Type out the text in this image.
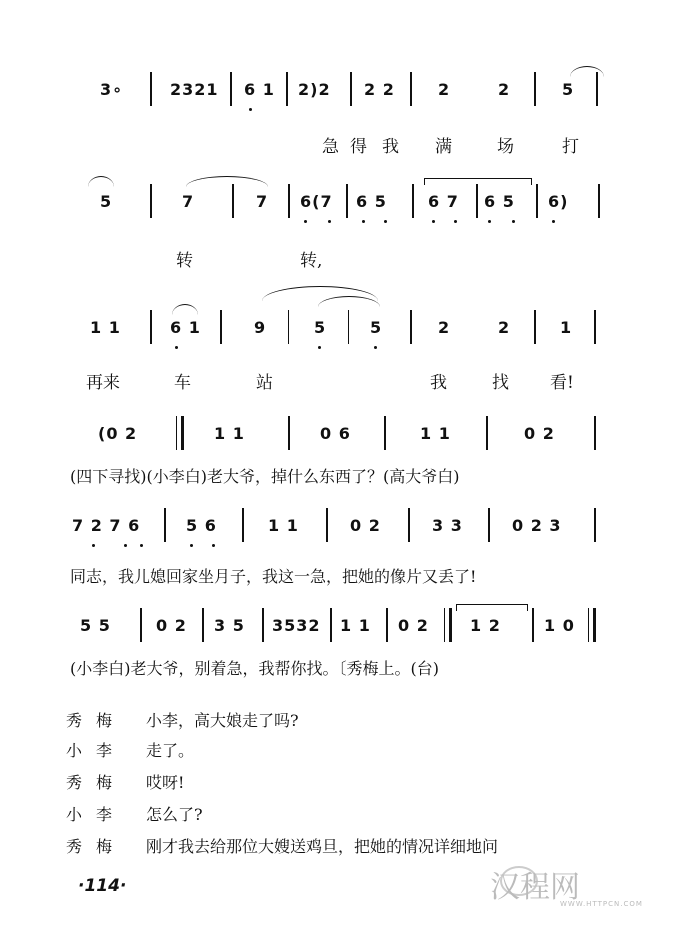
3∘	2321 6 1 2)2 2 2	2	2	5
急 得 我 满	场	打
5	7	7 6(7 6 5	6 7 6 5 6)
转	转,
1 1	6 1	9	5	5	2	2	1
再来	车	站	我	找 看!
(0 2	1 1	0 6	1 1	0 2
(四下寻找)(小李白)老大爷，掉什么东西了？(高大爷白)
7 2 7 6	5 6	1 1	0 2	3 3	0 2 3
同志，我儿媳回家坐月子，我这一急，把她的像片又丢了!
5 5	0 2 3 5 3532 1 1 0 2	1 2	1 0
(小李白)老大爷，别着急，我帮你找。〔秀梅上。(台)
秀梅 小李，高大娘走了吗?
小李 走了。
秀梅 哎呀!
小李 怎么了?
秀梅 刚才我去给那位大嫂送鸡旦，把她的情况详细地问
·114·	汉程网
WWW.HTTPCN.COM
